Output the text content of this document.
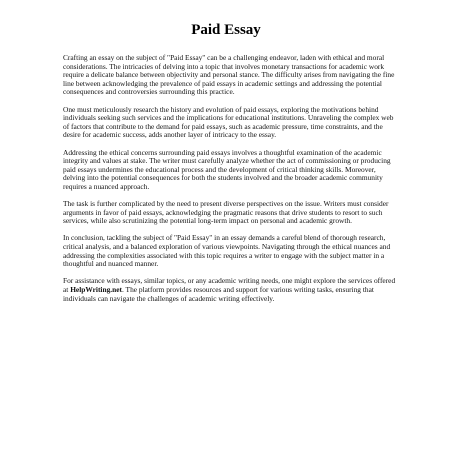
Paid Essay

Crafting an essay on the subject of "Paid Essay" can be a challenging endeavor, laden with ethical and moral considerations. The intricacies of delving into a topic that involves monetary transactions for academic work require a delicate balance between objectivity and personal stance. The difficulty arises from navigating the fine line between acknowledging the prevalence of paid essays in academic settings and addressing the potential consequences and controversies surrounding this practice.

One must meticulously research the history and evolution of paid essays, exploring the motivations behind individuals seeking such services and the implications for educational institutions. Unraveling the complex web of factors that contribute to the demand for paid essays, such as academic pressure, time constraints, and the desire for academic success, adds another layer of intricacy to the essay.

Addressing the ethical concerns surrounding paid essays involves a thoughtful examination of the academic integrity and values at stake. The writer must carefully analyze whether the act of commissioning or producing paid essays undermines the educational process and the development of critical thinking skills. Moreover, delving into the potential consequences for both the students involved and the broader academic community requires a nuanced approach.

The task is further complicated by the need to present diverse perspectives on the issue. Writers must consider arguments in favor of paid essays, acknowledging the pragmatic reasons that drive students to resort to such services, while also scrutinizing the potential long-term impact on personal and academic growth.

In conclusion, tackling the subject of "Paid Essay" in an essay demands a careful blend of thorough research, critical analysis, and a balanced exploration of various viewpoints. Navigating through the ethical nuances and addressing the complexities associated with this topic requires a writer to engage with the subject matter in a thoughtful and nuanced manner.

For assistance with essays, similar topics, or any academic writing needs, one might explore the services offered at HelpWriting.net. The platform provides resources and support for various writing tasks, ensuring that individuals can navigate the challenges of academic writing effectively.
